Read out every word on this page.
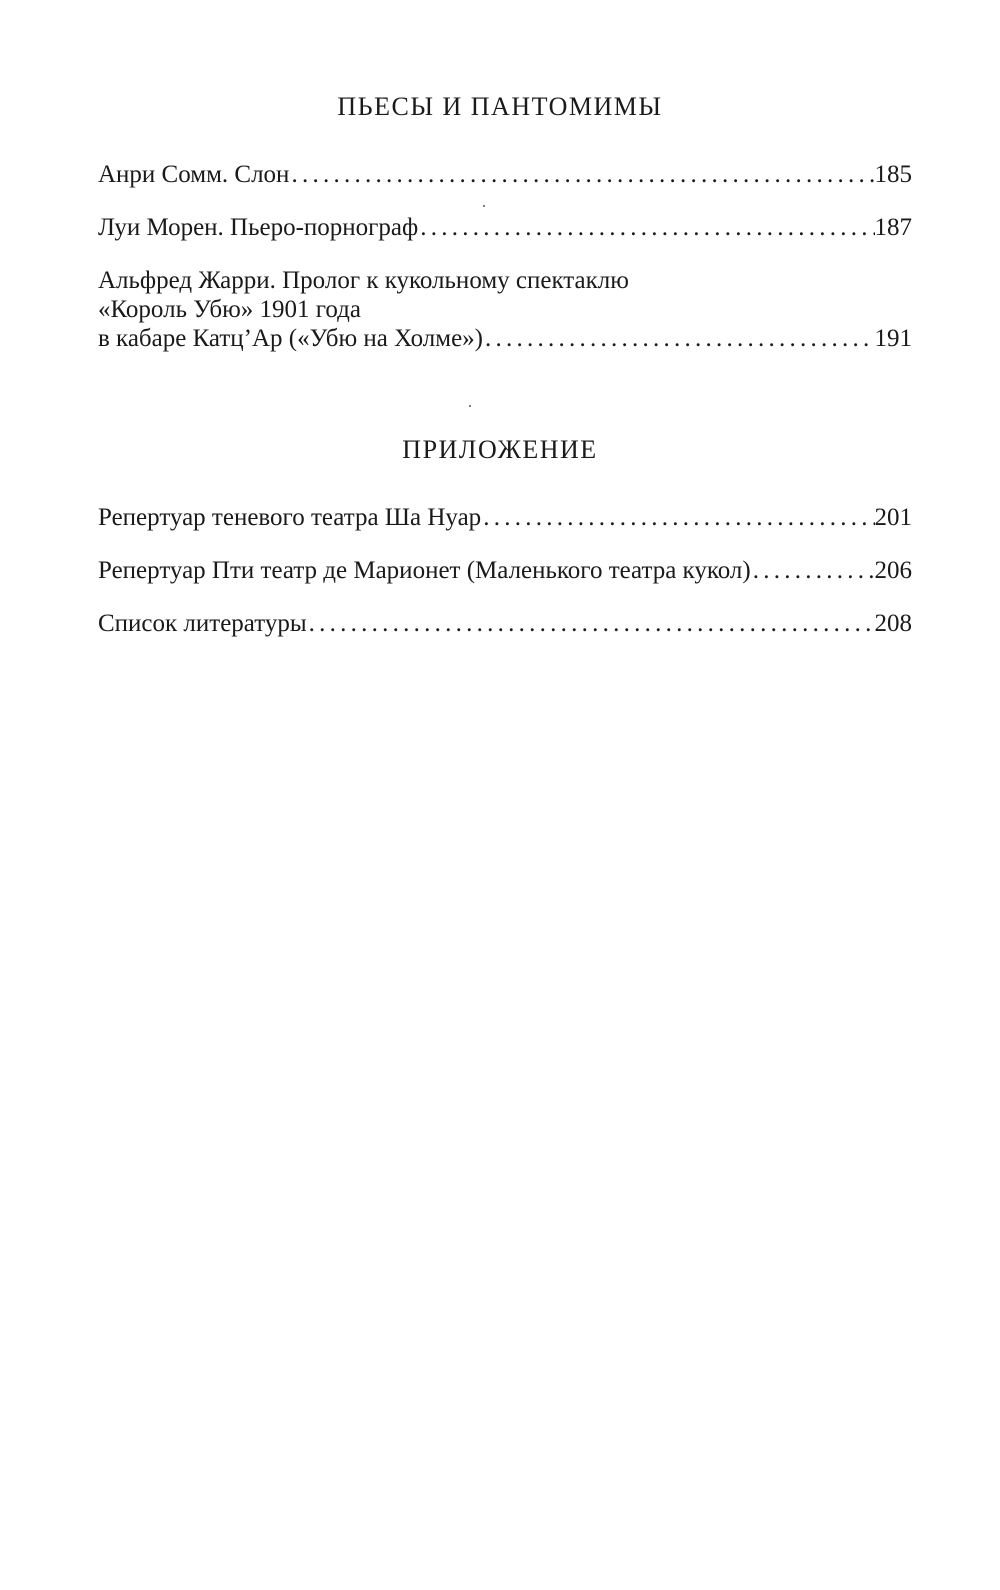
ПЬЕСЫ И ПАНТОМИМЫ
Анри Сомм. Слон . . .	185
Луи Морен. Пьеро-порнограф . . .	187
Альфред Жарри. Пролог к кукольному спектаклю
«Король Убю» 1901 года
в кабаре Катц’Ар («Убю на Холме») . . .	191
ПРИЛОЖЕНИЕ
Репертуар теневого театра Ша Нуар . . .	201
Репертуар Пти театр де Марионет (Маленького театра кукол) . . .	206
Список литературы . . .	208
